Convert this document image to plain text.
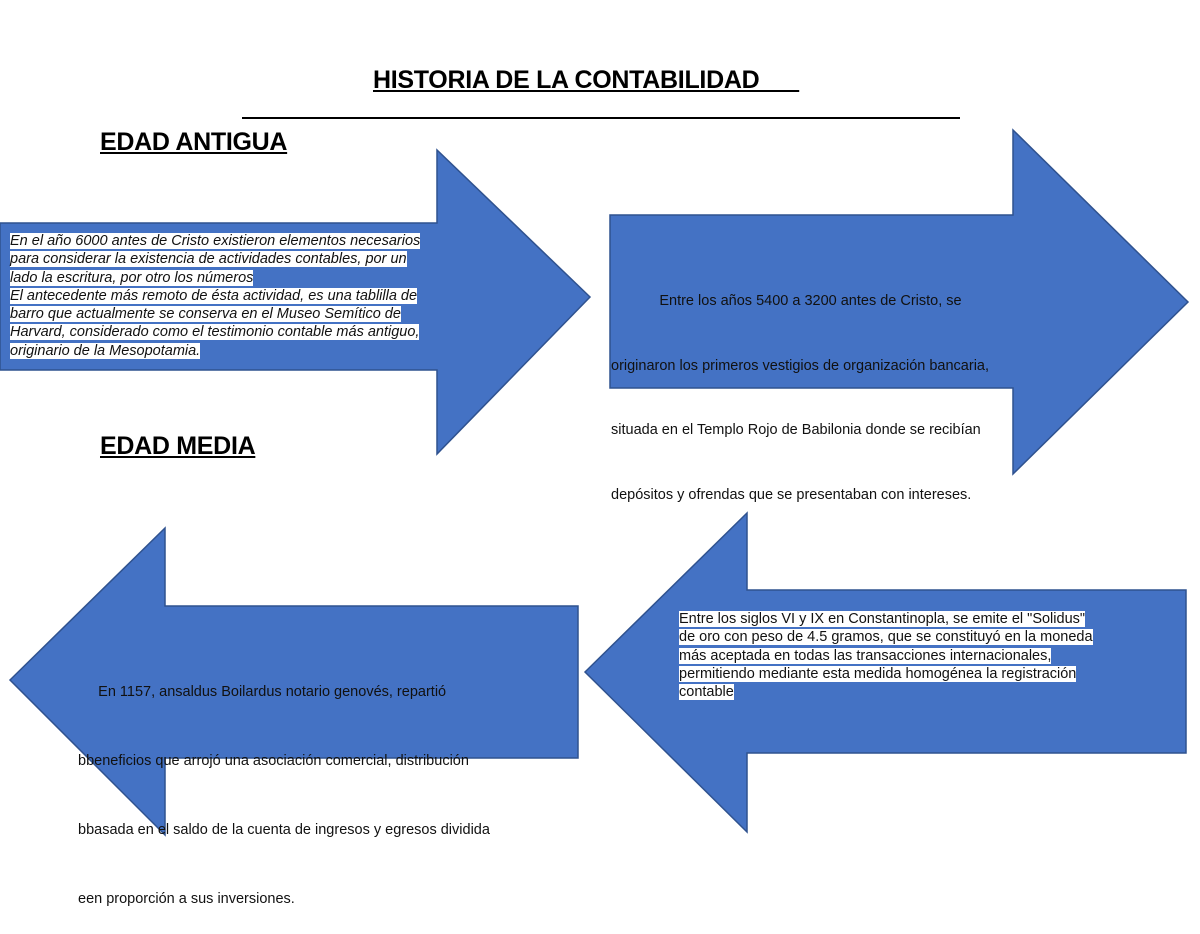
HISTORIA DE LA CONTABILIDAD
EDAD ANTIGUA
EDAD MEDIA
En el año 6000 antes de Cristo existieron elementos necesarios
para considerar la existencia de actividades contables, por un
lado la escritura, por otro los números
El antecedente más remoto de ésta actividad, es una tablilla de
barro que actualmente se conserva en el Museo Semítico de
Harvard, considerado como el testimonio contable más antiguo,
originario de la Mesopotamia.

Entre los años 5400 a 3200 antes de Cristo, se

originaron los primeros vestigios de organización bancaria,

situada en el Templo Rojo de Babilonia donde se recibían

depósitos y ofrendas que se presentaban con intereses.

Entre los siglos VI y IX en Constantinopla, se emite el "Solidus"
de oro con peso de 4.5 gramos, que se constituyó en la moneda
más aceptada en todas las transacciones internacionales,
permitiendo mediante esta medida homogénea la registración
contable

En 1157, ansaldus Boilardus notario genovés, repartió

bbeneficios que arrojó una asociación comercial, distribución

bbasada en el saldo de la cuenta de ingresos y egresos dividida

een proporción a sus inversiones.
